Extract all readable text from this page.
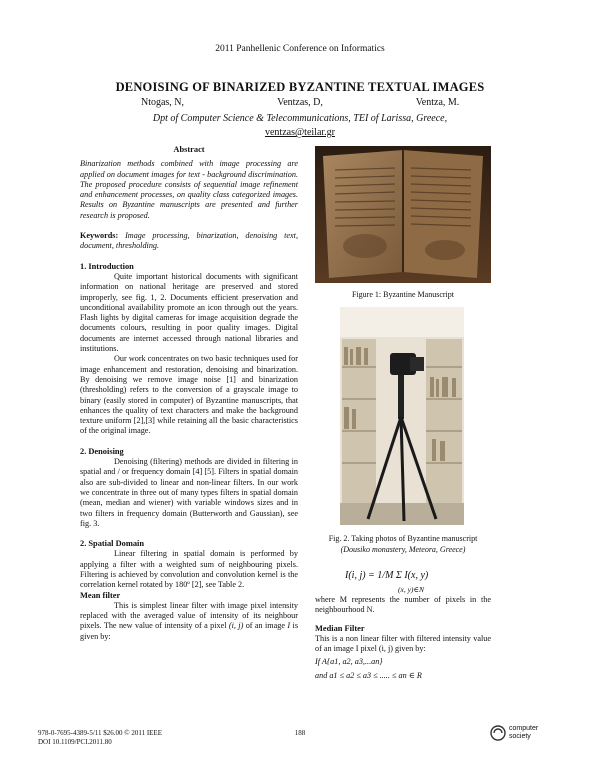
2011 Panhellenic Conference on Informatics
DENOISING OF BINARIZED BYZANTINE TEXTUAL IMAGES
Ntogas, N,	Ventzas, D,	Ventza, M.
Dpt of Computer Science & Telecommunications, TEI of Larissa, Greece,
ventzas@teilar.gr
Abstract

Binarization methods combined with image processing are applied on document images for text - background discrimination. The proposed procedure consists of sequential image refinement and enhancement processes, on quality class categorized images. Results on Byzantine manuscripts are presented and further research is proposed.

Keywords: Image processing, binarization, denoising text, document, thresholding.

1. Introduction

Quite important historical documents with significant information on national heritage are preserved and stored improperly, see fig. 1, 2. Documents efficient preservation and unconditional availability promote an icon through out the years. Flash lights by digital cameras for image acquisition degrade the documents colours, resulting in poor quality images. Digital documents are internet accessed through national libraries and institutions.

Our work concentrates on two basic techniques used for image enhancement and restoration, denoising and binarization. By denoising we remove image noise [1] and binarization (thresholding) refers to the conversion of a grayscale image to binary (easily stored in computer) of Byzantine manuscripts, that enhances the quality of text characters and make the background texture uniform [2],[3] while retaining all the basic characteristics of the original image.

2. Denoising

Denoising (filtering) methods are divided in filtering in spatial and / or frequency domain [4] [5]. Filters in spatial domain also are sub-divided to linear and non-linear filters. In our work we concentrate in three out of many types filters in spatial domain (mean, median and wiener) with variable windows sizes and in two filters in frequency domain (Butterworth and Gaussian), see fig. 3.

2. Spatial Domain

Linear filtering in spatial domain is performed by applying a filter with a weighted sum of neighbouring pixels. Filtering is achieved by convolution and convolution kernel is the correlation kernel rotated by 180º [2], see Table 2.

Mean filter

This is simplest linear filter with image pixel intensity replaced with the averaged value of intensity of its neighbour pixels. The new value of intensity of a pixel (i, j) of an image I is given by:

Figure 1: Byzantine Manuscript
Fig. 2. Taking photos of Byzantine manuscript
(Dousiko monastery, Meteora, Greece)
I(i, j) = 1/M Σ I(x, y)
(x, y)∈N

where M represents the number of pixels in the neighbourhood N.

Median Filter

This is a non linear filter with filtered intensity value of an image I pixel (i, j) given by:

If A{a1, a2, a3,...an}

and a1 ≤ a2 ≤ a3 ≤ ..... ≤ an ∈ R

978-0-7695-4389-5/11 $26.00 © 2011 IEEE
DOI 10.1109/PCI.2011.80
188
computer
society
